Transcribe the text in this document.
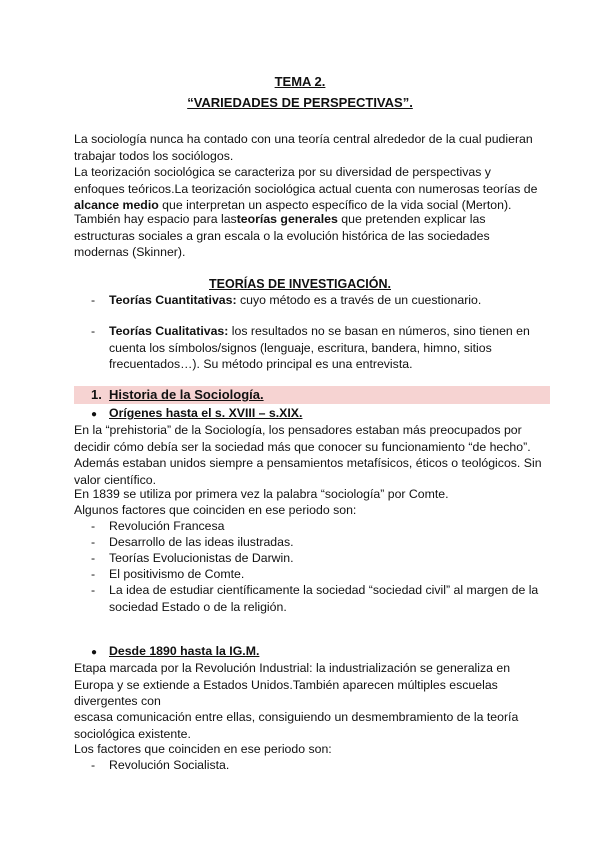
TEMA 2.
“VARIEDADES DE PERSPECTIVAS”.
La sociología nunca ha contado con una teoría central alrededor de la cual pudieran trabajar todos los sociólogos.
La teorización sociológica se caracteriza por su diversidad de perspectivas y enfoques teóricos.La teorización sociológica actual cuenta con numerosas teorías de alcance medio que interpretan un aspecto específico de la vida social (Merton).
También hay espacio para lasteorías generales que pretenden explicar las estructuras sociales a gran escala o la evolución histórica de las sociedades modernas (Skinner).
TEORÍAS DE INVESTIGACIÓN.
- Teorías Cuantitativas: cuyo método es a través de un cuestionario.
- Teorías Cualitativas: los resultados no se basan en números, sino tienen en cuenta los símbolos/signos (lenguaje, escritura, bandera, himno, sitios frecuentados…). Su método principal es una entrevista.
1. Historia de la Sociología.
● Orígenes hasta el s. XVIII – s.XIX.
En la “prehistoria” de la Sociología, los pensadores estaban más preocupados por decidir cómo debía ser la sociedad más que conocer su funcionamiento “de hecho”. Además estaban unidos siempre a pensamientos metafísicos, éticos o teológicos. Sin valor científico.
En 1839 se utiliza por primera vez la palabra “sociología” por Comte.
Algunos factores que coinciden en ese periodo son:
- Revolución Francesa
- Desarrollo de las ideas ilustradas.
- Teorías Evolucionistas de Darwin.
- El positivismo de Comte.
- La idea de estudiar científicamente la sociedad “sociedad civil” al margen de la sociedad Estado o de la religión.
● Desde 1890 hasta la IG.M.
Etapa marcada por la Revolución Industrial: la industrialización se generaliza en Europa y se extiende a Estados Unidos.También aparecen múltiples escuelas divergentes con
escasa comunicación entre ellas, consiguiendo un desmembramiento de la teoría sociológica existente.
Los factores que coinciden en ese periodo son:
- Revolución Socialista.
